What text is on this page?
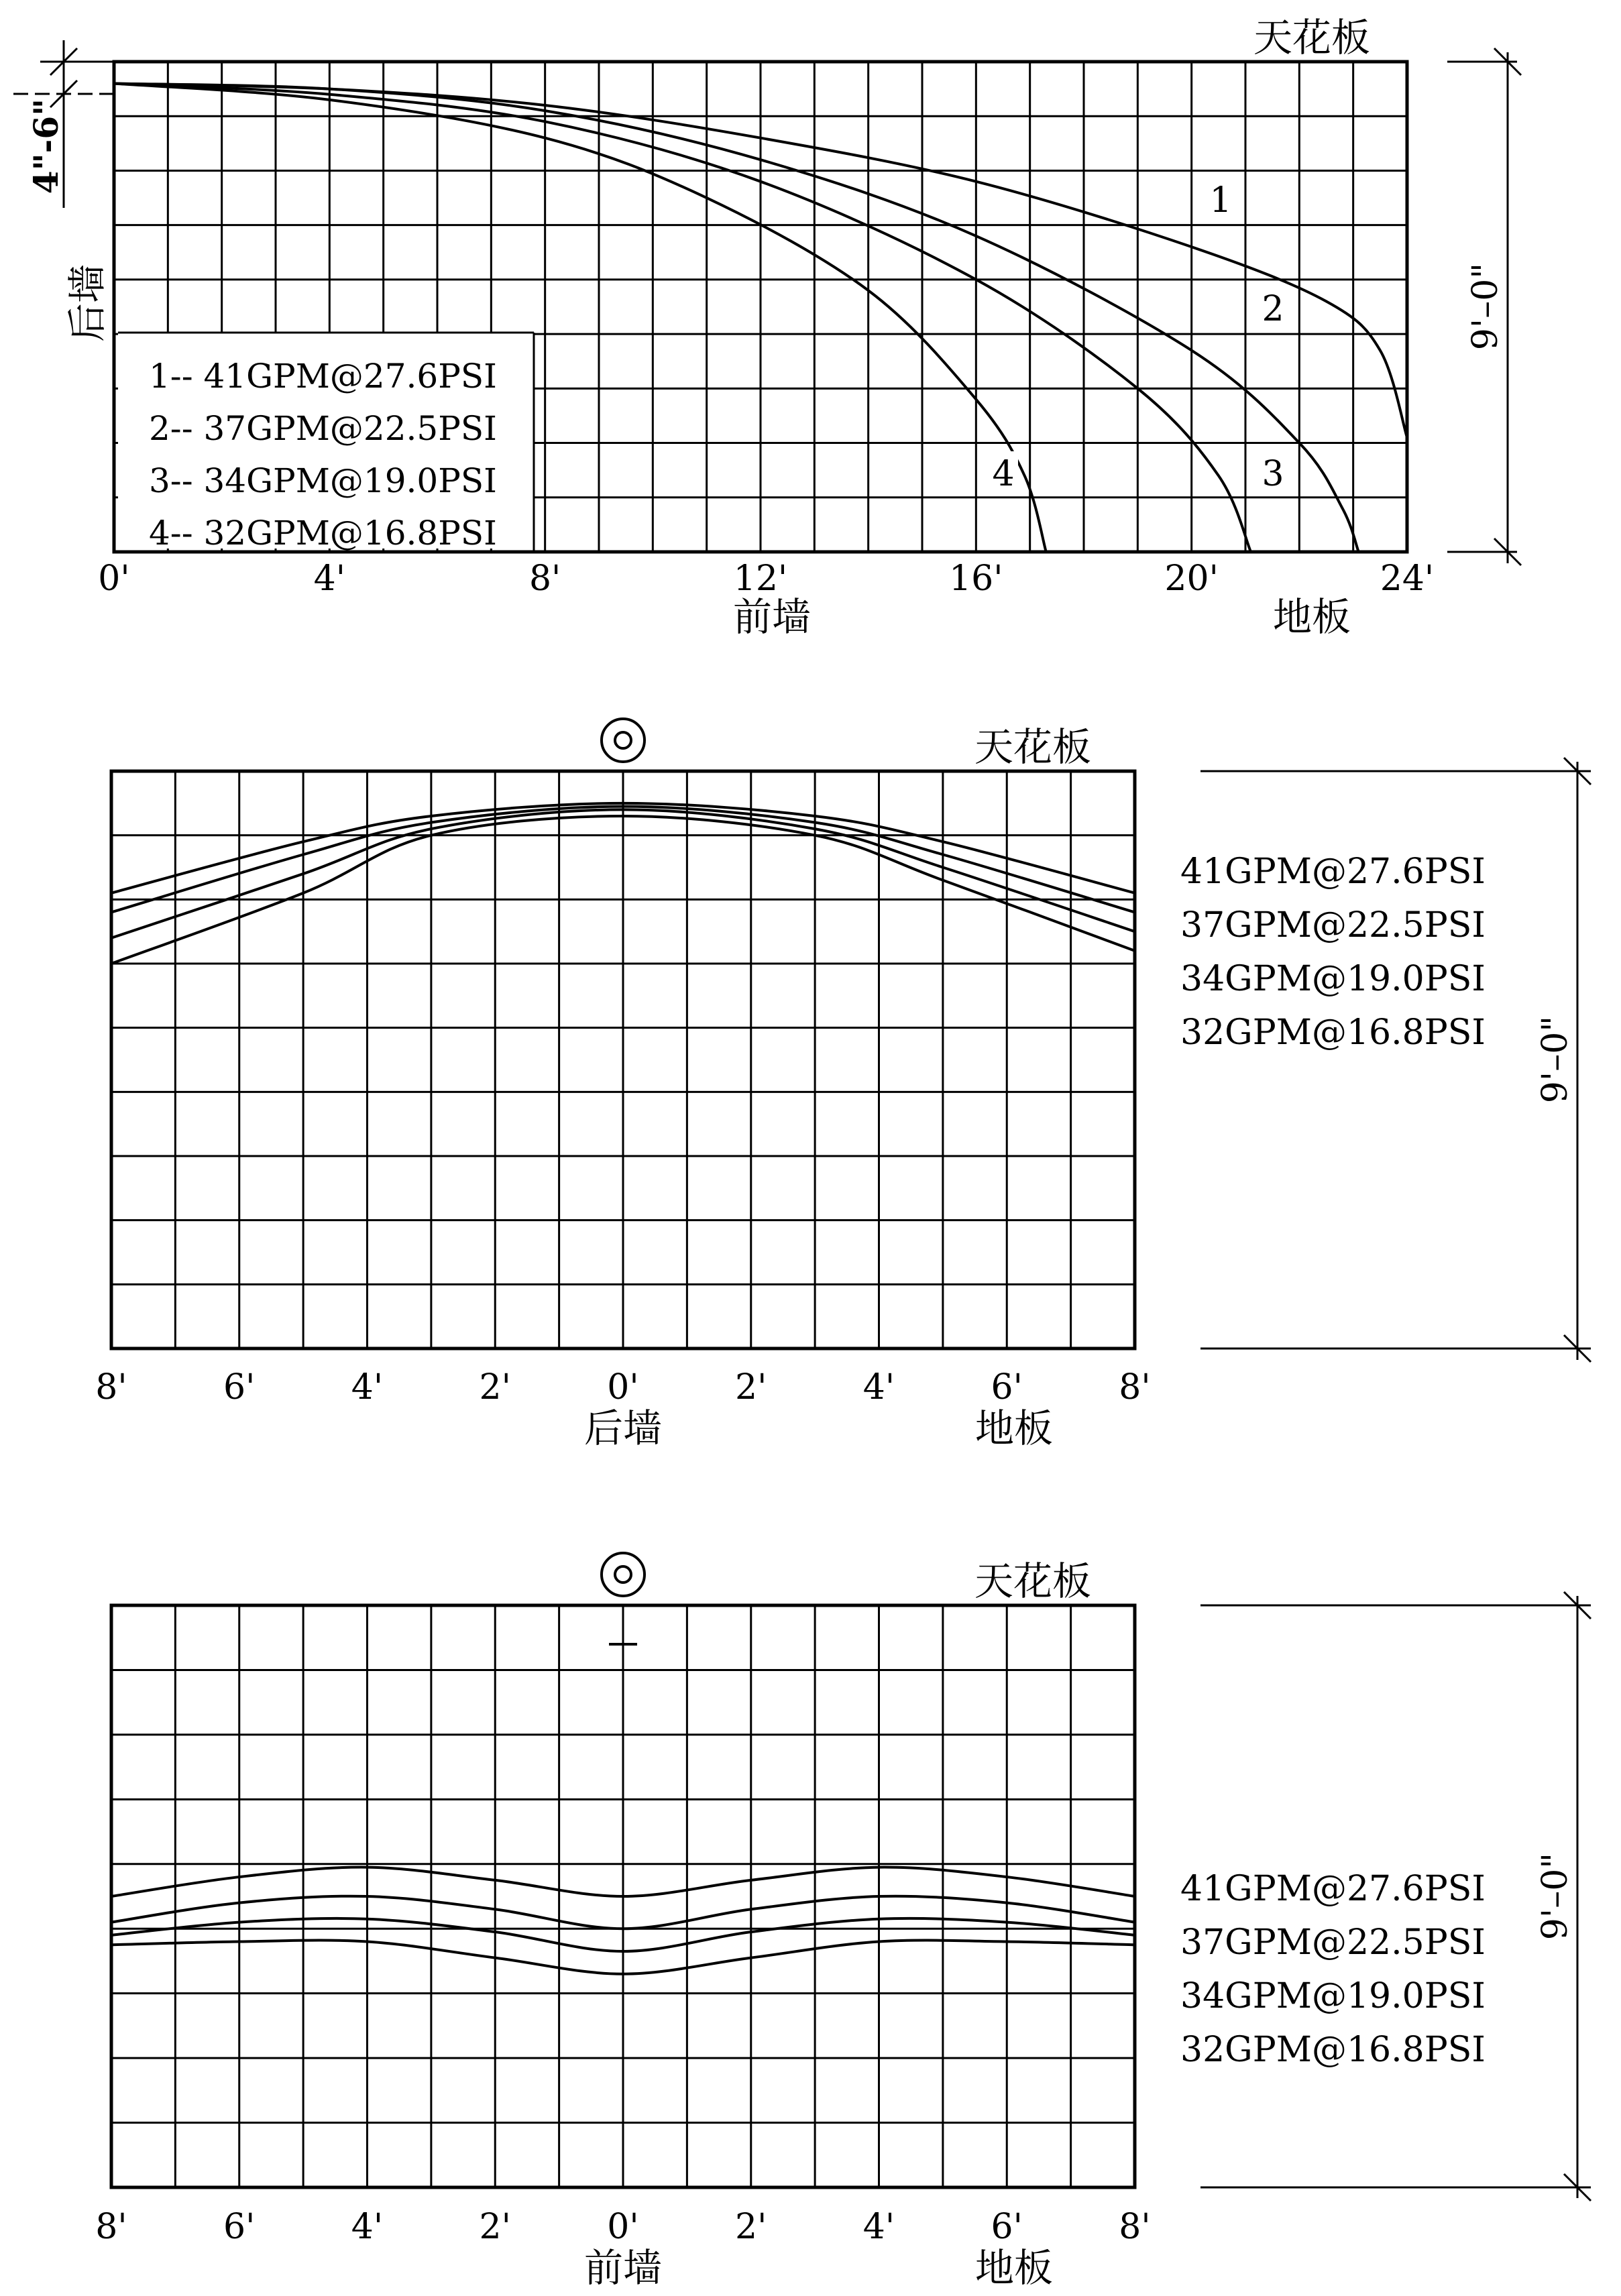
1-- 41GPM@27.6PSI
2-- 37GPM@22.5PSI
3-- 34GPM@19.0PSI
4-- 32GPM@16.8PSI
1
2
3
4
天花板
0'	4'	8'	12'	16'	20'	24'
前墙	地板
后墙
4"-6"
9'–0"
天花板
8'	6'	4'	2'	0'	2'	4'	6'	8'
后墙	地板
41GPM@27.6PSI
37GPM@22.5PSI
34GPM@19.0PSI
32GPM@16.8PSI 9'–0"
天花板
8'	6'	4'	2'	0'	2'	4'	6'	8'
前墙	地板
41GPM@27.6PSI
37GPM@22.5PSI
34GPM@19.0PSI
32GPM@16.8PSI
9'–0"
